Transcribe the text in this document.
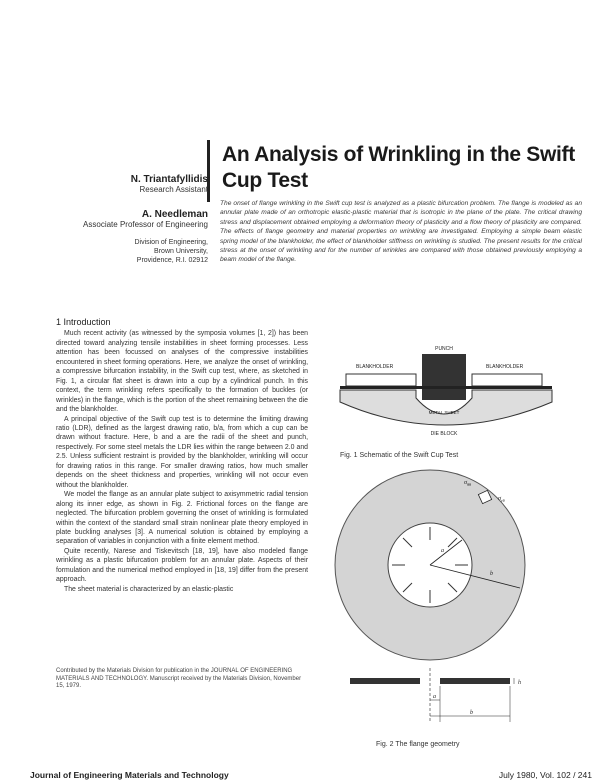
An Analysis of Wrinkling in the Swift Cup Test
N. Triantafyllidis
Research Assistant
A. Needleman
Associate Professor of Engineering
Division of Engineering,
Brown University,
Providence, R.I. 02912
The onset of flange wrinkling in the Swift cup test is analyzed as a plastic bifurcation problem. The flange is modeled as an annular plate made of an orthotropic elastic-plastic material that is isotropic in the plane of the plate. The critical drawing stress and displacement obtained employing a deformation theory of plasticity and a flow theory of plasticity are compared. The effects of flange geometry and material properties on wrinkling are investigated. Employing a simple beam elastic spring model of the blankholder, the effect of blankholder stiffness on wrinkling is studied. The present results for the critical stress at the onset of wrinkling and for the number of wrinkles are compared with those obtained previously employing a beam model of the flange.
1 Introduction

Much recent activity (as witnessed by the symposia volumes [1, 2]) has been directed toward analyzing tensile instabilities in sheet forming processes. Less attention has been focussed on analyses of the compressive instabilities encountered in sheet forming operations. Here, we analyze the onset of wrinkling, a compressive bifurcation instability, in the Swift cup test, where, as sketched in Fig. 1, a circular flat sheet is drawn into a cup by a cylindrical punch. In this context, the term wrinkling refers specifically to the formation of buckles (or wrinkles) in the flange, which is the portion of the sheet remaining between the die and the blankholder.

A principal objective of the Swift cup test is to determine the limiting drawing ratio (LDR), defined as the largest drawing ratio, b/a, from which a cup can be drawn without fracture. Here, b and a are the radii of the sheet and punch, respectively. For some steel metals the LDR lies within the range between 2.0 and 2.5. Unless sufficient restraint is provided by the blankholder, wrinkling will occur for drawing ratios in this range. For smaller drawing ratios, how much smaller depends on the sheet thickness and properties, wrinkling will not occur even without the blankholder.

We model the flange as an annular plate subject to axisymmetric radial tension along its inner edge, as shown in Fig. 2. Frictional forces on the flange are neglected. The bifurcation problem governing the onset of wrinkling is formulated within the context of the standard small strain nonlinear plate theory employed in plate buckling analyses [3]. A numerical solution is obtained by employing a separation of variables in conjunction with a finite element method.

Quite recently, Narese and Tiskevitsch [18, 19], have also modeled flange wrinkling as a plastic bifurcation problem for an annular plate. Aspects of their formulation and the numerical method employed in [18, 19] differ from the present approach.

The sheet material is characterized by an elastic-plastic

Contributed by the Materials Division for publication in the JOURNAL OF ENGINEERING MATERIALS AND TECHNOLOGY. Manuscript received by the Materials Division, November 15, 1979.
PUNCH
BLANKHOLDER	BLANKHOLDER
METAL SHEET
DIE BLOCK
Fig. 1 Schematic of the Swift Cup Test
a
b
$\sigma_{\theta\theta}$
$\sigma_{r\theta}$
a
b
h
Fig. 2 The flange geometry
Journal of Engineering Materials and Technology	July 1980, Vol. 102 / 241
